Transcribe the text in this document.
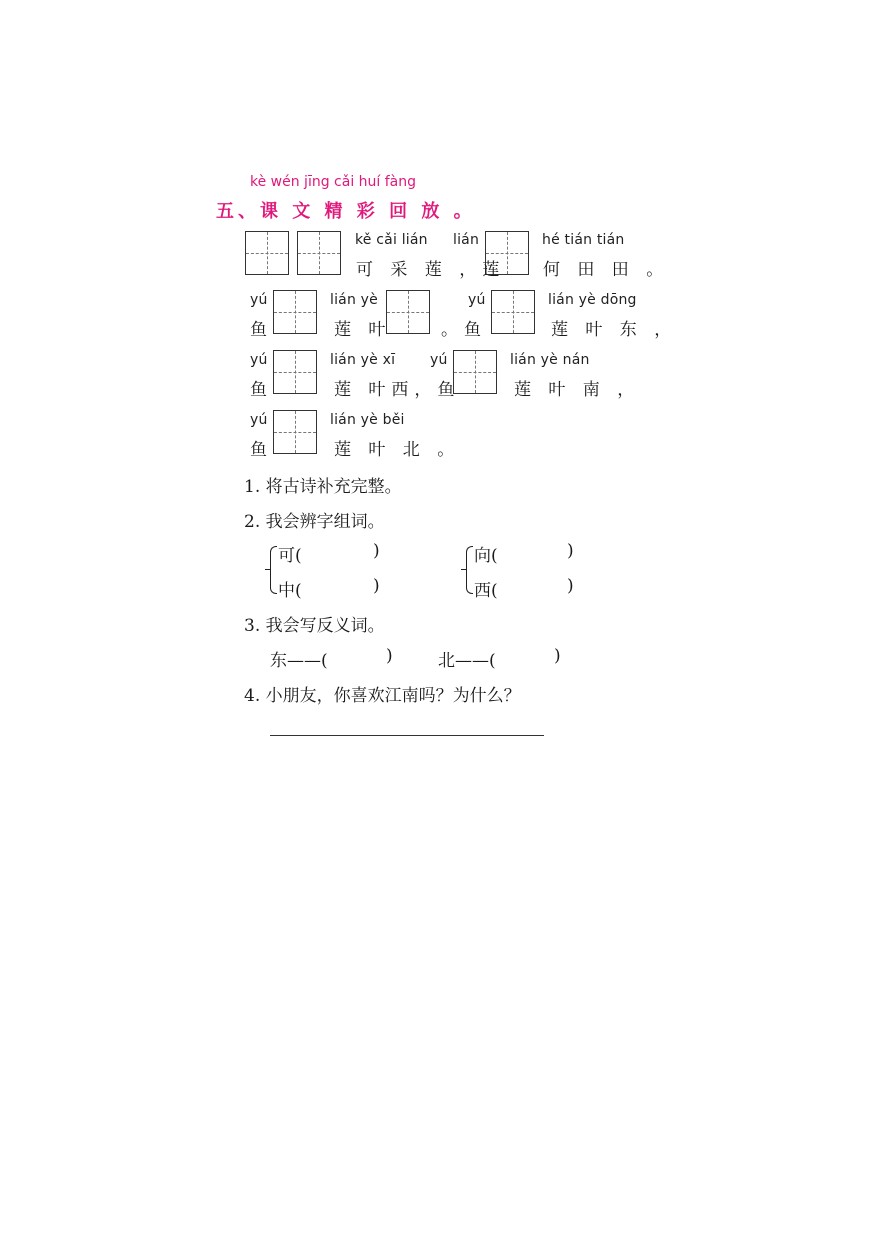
kè wén jīng cǎi huí fàng
五、课 文 精 彩 回 放 。
kě cǎi lián lián	hé tián tián
可 采 莲 ，莲 何 田 田 。
yú	lián yè	yú	lián yè dōng
鱼	莲 叶	。鱼	莲 叶 东 ，
yú	lián yè xī yú	lián yè nán
鱼	莲 叶西，鱼	莲 叶 南 ，
yú	lián yè běi
鱼	莲 叶 北 。
1. 将古诗补充完整。
2. 我会辨字组词。
可(	)
中(	)
向(	)
西(	)
3. 我会写反义词。
东——(	)	北——(	)
4. 小朋友，你喜欢江南吗？为什么？
